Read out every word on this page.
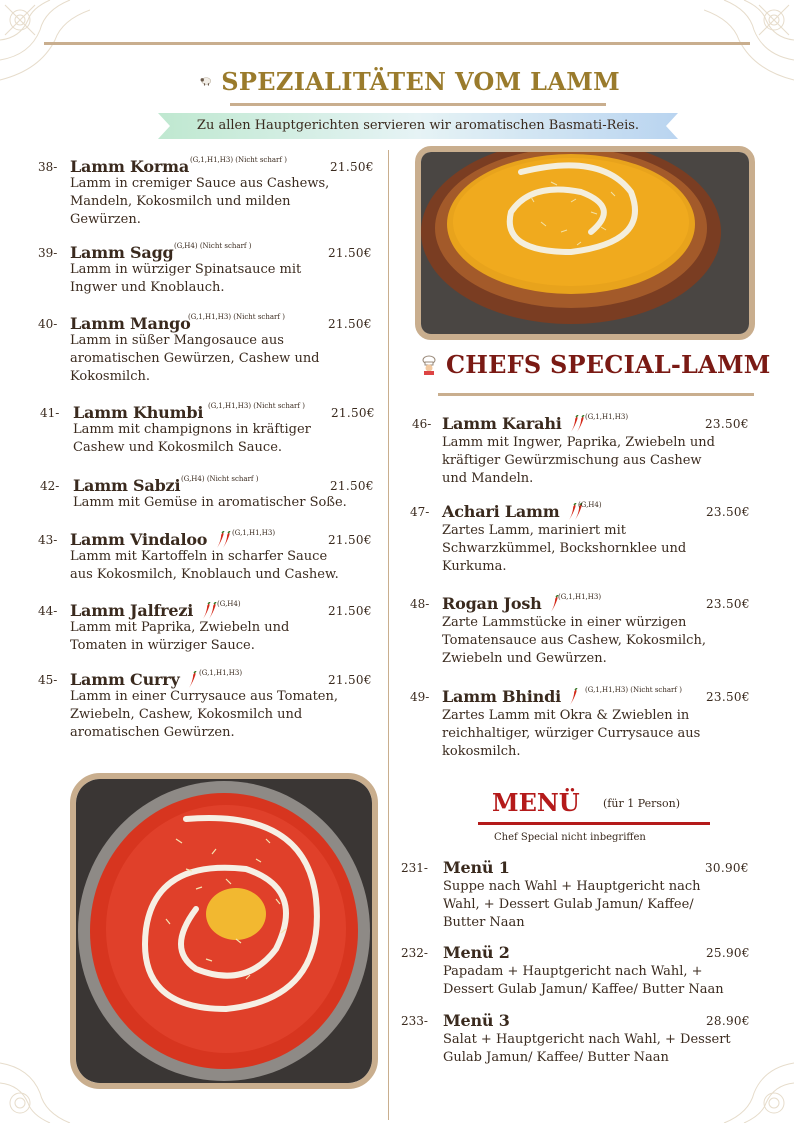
SPEZIALITÄTEN VOM LAMM
Zu allen Hauptgerichten servieren wir aromatischen Basmati-Reis.
38- Lamm Korma (G,1,H1,H3) (Nicht scharf )	21.50€
Lamm in cremiger Sauce aus Cashews,
Mandeln, Kokosmilch und milden
Gewürzen.
39- Lamm Sagg (G,H4) (Nicht scharf )	21.50€
Lamm in würziger Spinatsauce mit
Ingwer und Knoblauch.
40- Lamm Mango
(G,1,H1,H3) (Nicht scharf )	21.50€
Lamm in süßer Mangosauce aus
aromatischen Gewürzen, Cashew und
Kokosmilch.
41- Lamm Khumbi (G,1,H1,H3) (Nicht scharf ) 21.50€
Lamm mit champignons in kräftiger
Cashew und Kokosmilch Sauce.
42- Lamm Sabzi (G,H4) (Nicht scharf )	21.50€
Lamm mit Gemüse in aromatischer Soße.
43- Lamm Vindaloo	(G,1,H1,H3)	21.50€
Lamm mit Kartoffeln in scharfer Sauce
aus Kokosmilch, Knoblauch und Cashew.
44- Lamm Jalfrezi	(G,H4)	21.50€
Lamm mit Paprika, Zwiebeln und
Tomaten in würziger Sauce.
45- Lamm Curry	(G,1,H1,H3)	21.50€
Lamm in einer Currysauce aus Tomaten,
Zwiebeln, Cashew, Kokosmilch und
aromatischen Gewürzen.
CHEFS SPECIAL-LAMM
46- Lamm Karahi	(G,1,H1,H3)	23.50€
Lamm mit Ingwer, Paprika, Zwiebeln und
kräftiger Gewürzmischung aus Cashew
und Mandeln.
47- Achari Lamm	(G,H4)	23.50€
Zartes Lamm, mariniert mit
Schwarzkümmel, Bockshornklee und
Kurkuma.
48- Rogan Josh (G,1,H1,H3)	23.50€
Zarte Lammstücke in einer würzigen
Tomatensauce aus Cashew, Kokosmilch,
Zwiebeln und Gewürzen.
49- Lamm Bhindi	(G,1,H1,H3) (Nicht scharf ) 23.50€
Zartes Lamm mit Okra & Zwieblen in
reichhaltiger, würziger Currysauce aus
kokosmilch.
MENÜ (für 1 Person)
Chef Special nicht inbegriffen
231- Menü 1	30.90€
Suppe nach Wahl + Hauptgericht nach
Wahl, + Dessert Gulab Jamun/ Kaffee/
Butter Naan
232- Menü 2	25.90€
Papadam + Hauptgericht nach Wahl, +
Dessert Gulab Jamun/ Kaffee/ Butter Naan
233- Menü 3	28.90€
Salat + Hauptgericht nach Wahl, + Dessert
Gulab Jamun/ Kaffee/ Butter Naan
